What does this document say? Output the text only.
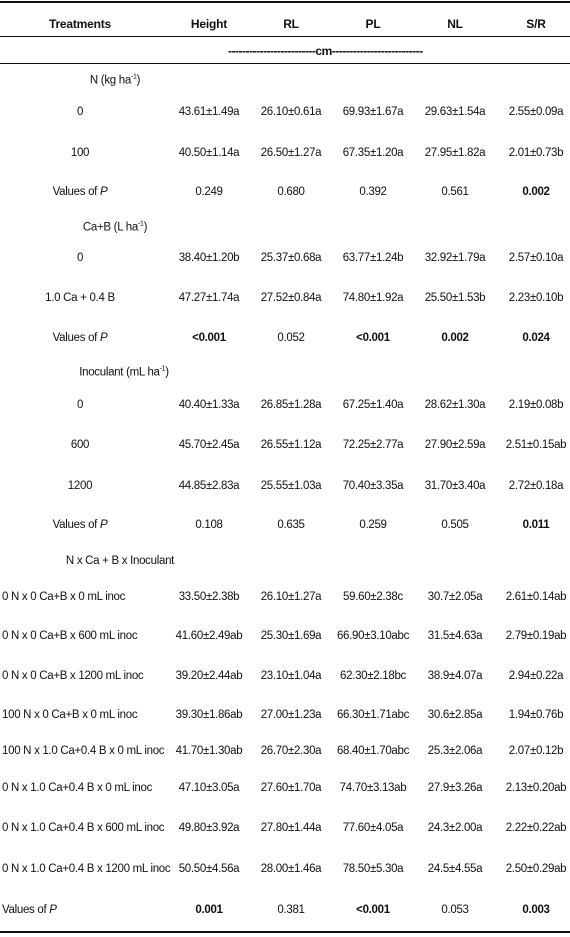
Treatments	Height	RL	PL	NL	S/R
-------------------------cm--------------------------
N (kg $ha^{-1}$)
0	43.61±1.49a 26.10±0.61a 69.93±1.67a 29.63±1.54a 2.55±0.09a
100	40.50±1.14a 26.50±1.27a 67.35±1.20a 27.95±1.82a 2.01±0.73b
Values of P	0.249	0.680	0.392	0.561	0.002
Ca+B (L $ha^{-1}$)
0	38.40±1.20b 25.37±0.68a 63.77±1.24b 32.92±1.79a 2.57±0.10a
1.0 Ca + 0.4 B	47.27±1.74a 27.52±0.84a 74.80±1.92a 25.50±1.53b 2.23±0.10b
Values of P	<0.001	0.052	<0.001	0.002	0.024
Inoculant (mL $ha^{-1}$)
0	40.40±1.33a 26.85±1.28a 67.25±1.40a 28.62±1.30a 2.19±0.08b
600	45.70±2.45a 26.55±1.12a 72.25±2.77a 27.90±2.59a 2.51±0.15ab
1200	44.85±2.83a 25.55±1.03a 70.40±3.35a 31.70±3.40a 2.72±0.18a
Values of P	0.108	0.635	0.259	0.505	0.011
N x Ca + B x Inoculant
0 N x 0 Ca+B x 0 mL inoc	33.50±2.38b 26.10±1.27a 59.60±2.38c 30.7±2.05a 2.61±0.14ab
0 N x 0 Ca+B x 600 mL inoc	41.60±2.49ab 25.30±1.69a 66.90±3.10abc 31.5±4.63a 2.79±0.19ab
0 N x 0 Ca+B x 1200 mL inoc	39.20±2.44ab 23.10±1.04a 62.30±2.18bc 38.9±4.07a 2.94±0.22a
100 N x 0 Ca+B x 0 mL inoc	39.30±1.86ab 27.00±1.23a 66.30±1.71abc 30.6±2.85a 1.94±0.76b
100 N x 1.0 Ca+0.4 B x 0 mL inoc 41.70±1.30ab 26.70±2.30a 68.40±1.70abc 25.3±2.06a 2.07±0.12b
0 N x 1.0 Ca+0.4 B x 0 mL inoc 47.10±3.05a 27.60±1.70a 74.70±3.13ab 27.9±3.26a 2.13±0.20ab
0 N x 1.0 Ca+0.4 B x 600 mL inoc 49.80±3.92a 27.80±1.44a 77.60±4.05a 24.3±2.00a 2.22±0.22ab
0 N x 1.0 Ca+0.4 B x 1200 mL inoc 50.50±4.56a 28.00±1.46a 78.50±5.30a 24.5±4.55a 2.50±0.29ab
Values of P	0.001	0.381	<0.001	0.053	0.003
